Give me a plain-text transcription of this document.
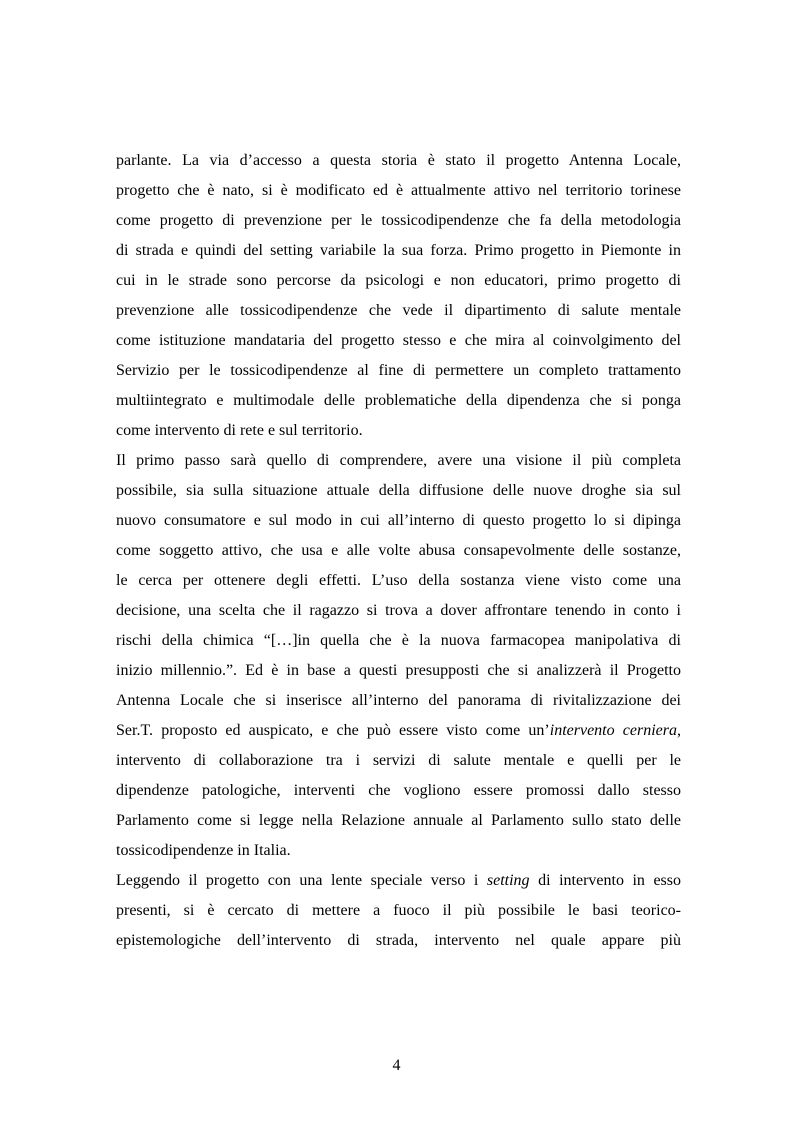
parlante. La via d’accesso a questa storia è stato il progetto Antenna Locale,
progetto che è nato, si è modificato ed è attualmente attivo nel territorio torinese
come progetto di prevenzione per le tossicodipendenze che fa della metodologia
di strada e quindi del setting variabile la sua forza. Primo progetto in Piemonte in
cui in le strade sono percorse da psicologi e non educatori, primo progetto di
prevenzione alle tossicodipendenze che vede il dipartimento di salute mentale
come istituzione mandataria del progetto stesso e che mira al coinvolgimento del
Servizio per le tossicodipendenze al fine di permettere un completo trattamento
multiintegrato e multimodale delle problematiche della dipendenza che si ponga
come intervento di rete e sul territorio.
Il primo passo sarà quello di comprendere, avere una visione il più completa
possibile, sia sulla situazione attuale della diffusione delle nuove droghe sia sul
nuovo consumatore e sul modo in cui all’interno di questo progetto lo si dipinga
come soggetto attivo, che usa e alle volte abusa consapevolmente delle sostanze,
le cerca per ottenere degli effetti. L’uso della sostanza viene visto come una
decisione, una scelta che il ragazzo si trova a dover affrontare tenendo in conto i
rischi della chimica “[…]in quella che è la nuova farmacopea manipolativa di
inizio millennio.”. Ed è in base a questi presupposti che si analizzerà il Progetto
Antenna Locale che si inserisce all’interno del panorama di rivitalizzazione dei
Ser.T. proposto ed auspicato, e che può essere visto come un’intervento cerniera,
intervento di collaborazione tra i servizi di salute mentale e quelli per le
dipendenze patologiche, interventi che vogliono essere promossi dallo stesso
Parlamento come si legge nella Relazione annuale al Parlamento sullo stato delle
tossicodipendenze in Italia.
Leggendo il progetto con una lente speciale verso i setting di intervento in esso
presenti, si è cercato di mettere a fuoco il più possibile le basi teorico-
epistemologiche dell’intervento di strada, intervento nel quale appare più
4
